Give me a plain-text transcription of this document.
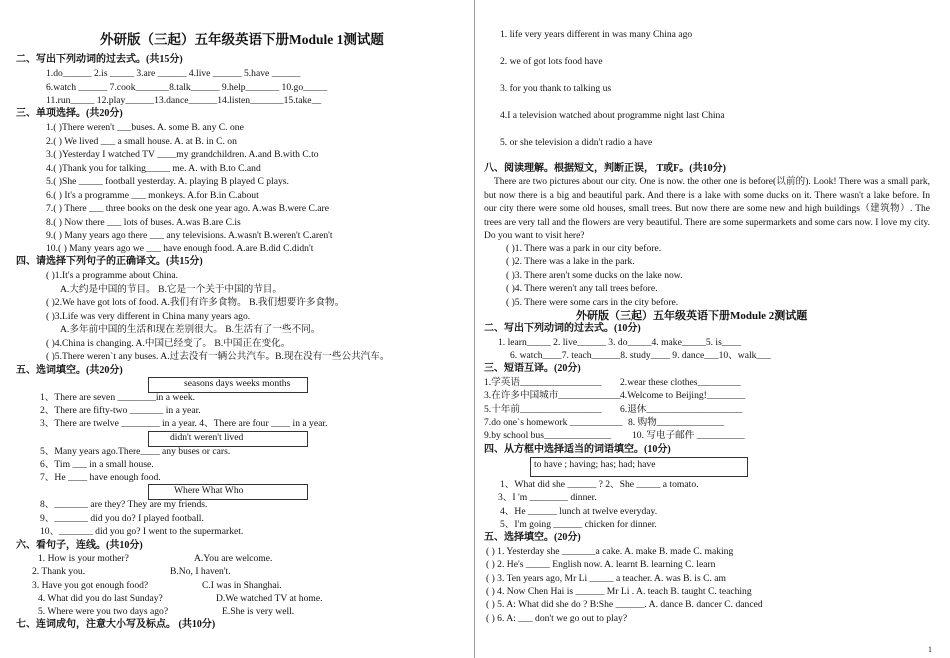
外研版（三起）五年级英语下册Module 1测试题
二、写出下列动词的过去式。(共15分)
1.do______ 2.is _____ 3.are ______ 4.live ______ 5.have ______
6.watch ______ 7.cook_______8.talk______ 9.help_______ 10.go_____
11.run_____ 12.play______13.dance______14.listen_______15.take__
三、单项选择。(共20分)
1.( )There weren't ___buses. A. some B. any C. one
2.( ) We lived ___ a small house. A. at B. in C. on
3.( )Yesterday I watched TV ____my grandchildren. A.and B.with C.to
4.( )Thank you for talking_____ me. A. with B.to C.and
5.( )She _____ football yesterday. A. playing B played C plays.
6.( ) It's a programme ___ monkeys. A.for B.in C.about
7.( ) There ___ three books on the desk one year ago. A.was B.were C.are
8.( ) Now there ___ lots of buses. A.was B.are C.is
9.( ) Many years ago there ___ any televisions. A.wasn't B.weren't C.aren't
10.( ) Many years ago we ___ have enough food. A.are B.did C.didn't
四、请选择下列句子的正确译文。(共15分)
( )1.It's a programme about China.
A.大约是中国的节目。 B.它是一个关于中国的节目。
( )2.We have got lots of food. A.我们有许多食物。 B.我们想要许多食物。
( )3.Life was very different in China many years ago.
A.多年前中国的生活和现在差别很大。 B.生活有了一些不同。
( )4.China is changing. A.中国已经变了。 B.中国正在变化。
( )5.There weren`t any buses. A.过去没有一辆公共汽车。B.现在没有一些公共汽车。
五、选词填空。(共20分)
seasons days weeks months
1、There are seven ________in a week.
2、There are fifty-two _______ in a year.
3、There are twelve ________ in a year. 4、There are four ____ in a year.
didn't weren't lived
5、Many years ago.There____ any buses or cars.
6、Tim ___ in a small house.
7、He ____ have enough food.
Where What Who
8、_______ are they? They are my friends.
9、_______ did you do? I played football.
10、_______ did you go? I went to the supermarket.
六、看句子，连线。(共10分)
1. How is your mother?	A.You are welcome.
2. Thank you.	B.No, I haven't.
3. Have you got enough food?	C.I was in Shanghai.
4. What did you do last Sunday?	D.We watched TV at home.
5. Where were you two days ago?	E.She is very well.
七、连词成句，注意大小写及标点。 (共10分)
1. life very years different in was many China ago
2. we of got lots food have
3. for you thank to talking us
4.I a television watched about programme night last China
5. or she television a didn't radio a have
八、阅读理解。根据短文，判断正误， T或F。(共10分)
There are two pictures about our city. One is now. the other one is before(以前的). Look! There was a small park, but now there is a big and beautiful park. And there is a lake with some ducks on it. There wasn't a lake before. In our city there were some old houses, small trees. But now there are some new and high buildings（建筑物）. The trees are very tall and the flowers are very beautiful. There are some supermarkets and some cars now. I love my city. Do you want to visit here?
( )1. There was a park in our city before.
( )2. There was a lake in the park.
( )3. There aren't some ducks on the lake now.
( )4. There weren't any tall trees before.
( )5. There were some cars in the city before.
外研版（三起）五年级英语下册Module 2测试题
二、写出下列动词的过去式。(10分)
1. learn_____ 2. live______ 3. do_____4. make_____5. is____
6. watch____7. teach______8. study____ 9. dance___10、walk___
三、短语互译。(20分)
1.学英语_________________ 2.wear these clothes_________
3.在许多中国城市_____________ 4.Welcome to Beijing!________
5.十年前_________________ 6.退休____________________
7.do one`s homework ___________ 8. 购物______________
9.by school bus______________ 10. 写电子邮件 __________
四、从方框中选择适当的词语填空。(10分)
to have ; having; has; had; have
1、What did she ______ ? 2、She _____ a tomato.
3、I 'm ________ dinner.
4、He ______ lunch at twelve everyday.
5、I'm going ______ chicken for dinner.
五、选择填空。(20分)
( ) 1. Yesterday she _______a cake. A. make B. made C. making
( ) 2. He's _____ English now. A. learnt B. learning C. learn
( ) 3. Ten years ago, Mr Li _____ a teacher. A. was B. is C. am
( ) 4. Now Chen Hai is ______ Mr Li . A. teach B. taught C. teaching
( ) 5. A: What did she do ? B:She ______. A. dance B. dancer C. danced
( ) 6. A: ___ don't we go out to play?
1
